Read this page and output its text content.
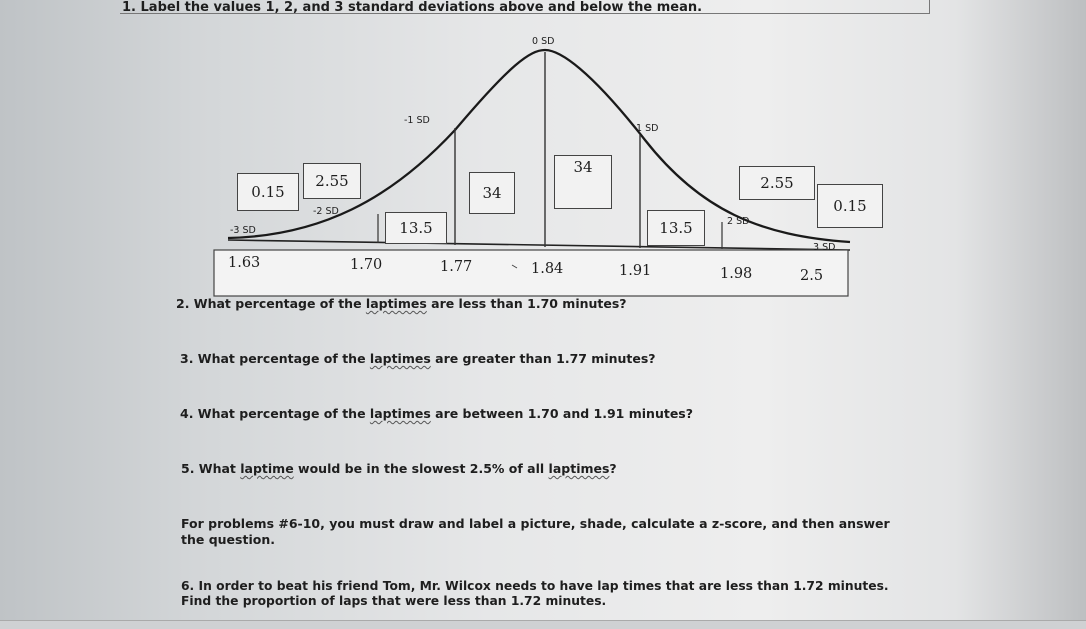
1. Label the values 1, 2, and 3 standard deviations above and below the mean.
0 SD
-1 SD
1 SD
-2 SD
2 SD
-3 SD
3 SD
0.15
2.55
13.5
34
34
13.5
2.55
0.15
1.63	1.70	1.77	1.84	1.91	1.98	2.5
2. What percentage of the laptimes are less than 1.70 minutes?
3. What percentage of the laptimes are greater than 1.77 minutes?
4. What percentage of the laptimes are between 1.70 and 1.91 minutes?
5. What laptime would be in the slowest 2.5% of all laptimes?
For problems #6-10, you must draw and label a picture, shade, calculate a z-score, and then answer
the question.
6. In order to beat his friend Tom, Mr. Wilcox needs to have lap times that are less than 1.72 minutes.
Find the proportion of laps that were less than 1.72 minutes.
